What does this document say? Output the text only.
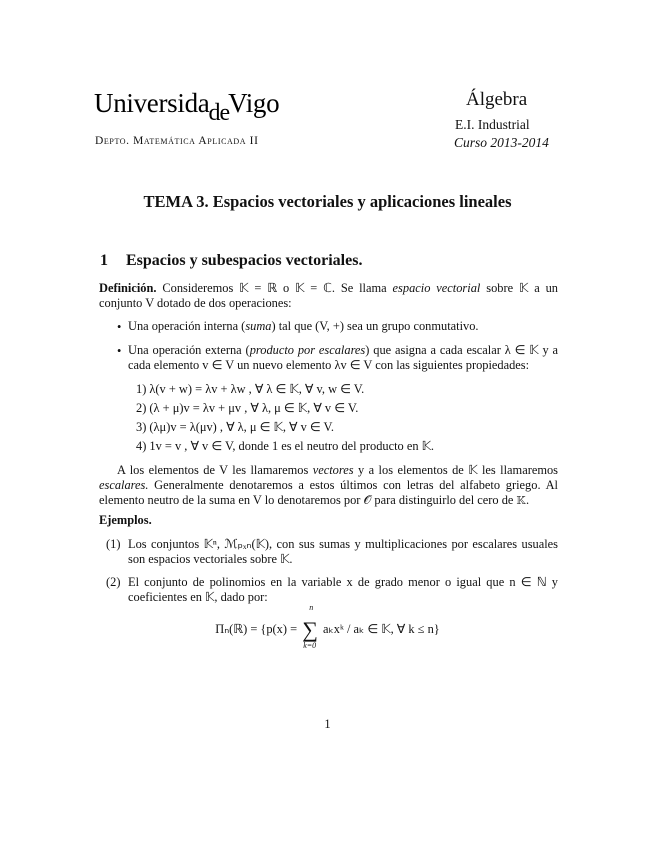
UniversidadeVigo
Depto. Matemática Aplicada II
Álgebra
E.I. Industrial
Curso 2013-2014
TEMA 3. Espacios vectoriales y aplicaciones lineales
1 Espacios y subespacios vectoriales.
Definición. Consideremos 𝕂 = ℝ o 𝕂 = ℂ. Se llama espacio vectorial sobre 𝕂 a un conjunto V dotado de dos operaciones:
• Una operación interna (suma) tal que (V, +) sea un grupo conmutativo.
• Una operación externa (producto por escalares) que asigna a cada escalar λ ∈ 𝕂 y a cada elemento v ∈ V un nuevo elemento λv ∈ V con las siguientes propiedades:
1) λ(v + w) = λv + λw , ∀ λ ∈ 𝕂, ∀ v, w ∈ V.
2) (λ + μ)v = λv + μv , ∀ λ, μ ∈ 𝕂, ∀ v ∈ V.
3) (λμ)v = λ(μv) , ∀ λ, μ ∈ 𝕂, ∀ v ∈ V.
4) 1v = v , ∀ v ∈ V, donde 1 es el neutro del producto en 𝕂.
A los elementos de V les llamaremos vectores y a los elementos de 𝕂 les llamaremos escalares. Generalmente denotaremos a estos últimos con letras del alfabeto griego. Al elemento neutro de la suma en V lo denotaremos por 𝒪 para distinguirlo del cero de 𝕂.
Ejemplos.
(1) Los conjuntos 𝕂ⁿ, ℳₚₓₙ(𝕂), con sus sumas y multiplicaciones por escalares usuales son espacios vectoriales sobre 𝕂.
(2) El conjunto de polinomios en la variable x de grado menor o igual que n ∈ ℕ y coeficientes en 𝕂, dado por:
Πₙ(ℝ) = {p(x) = ∑
n
k=0
aₖxᵏ / aₖ ∈ 𝕂, ∀ k ≤ n}
1
